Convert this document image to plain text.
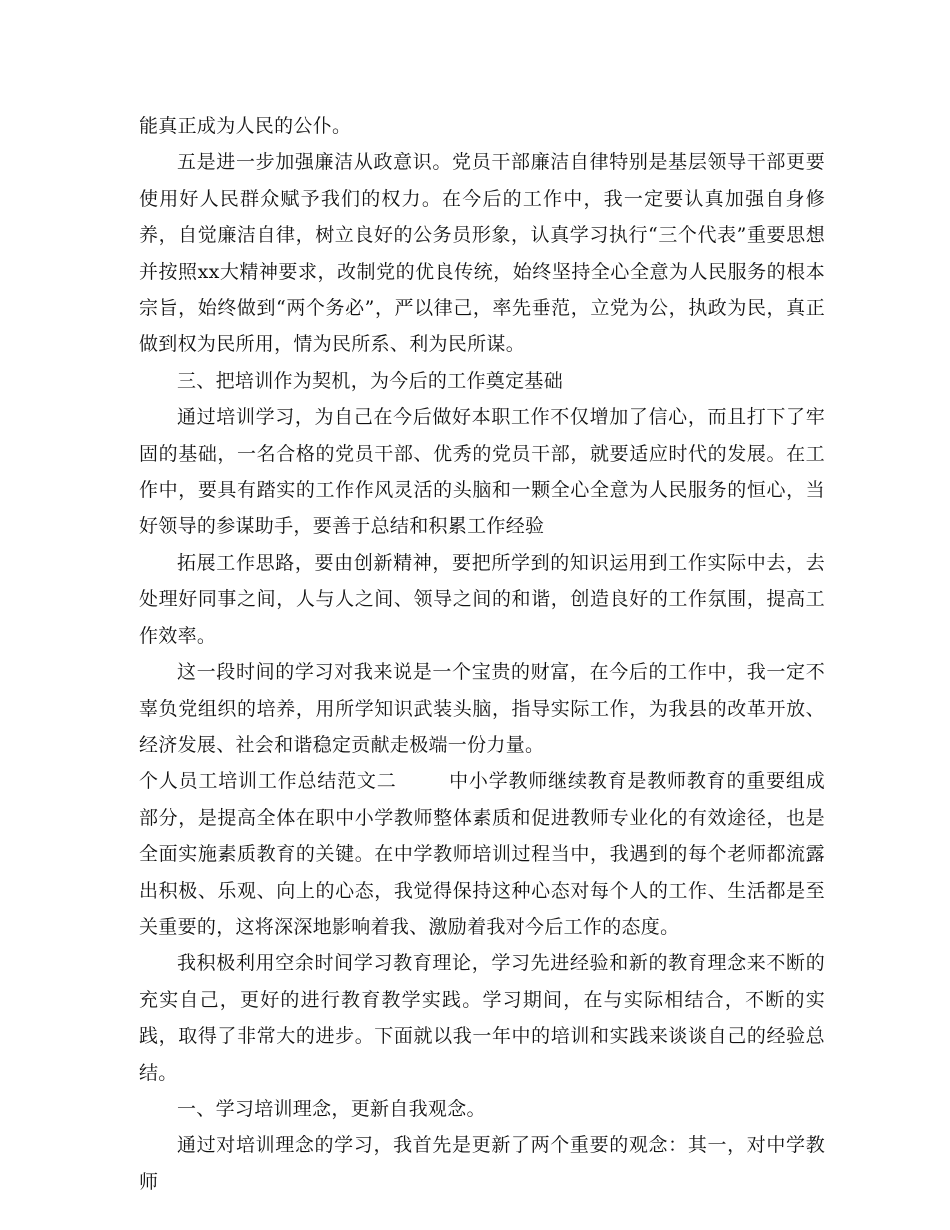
能真正成为人民的公仆。

五是进一步加强廉洁从政意识。党员干部廉洁自律特别是基层领导干部更要使用好人民群众赋予我们的权力。在今后的工作中，我一定要认真加强自身修养，自觉廉洁自律，树立良好的公务员形象，认真学习执行“三个代表”重要思想并按照xx大精神要求，改制党的优良传统，始终坚持全心全意为人民服务的根本宗旨，始终做到“两个务必”，严以律己，率先垂范，立党为公，执政为民，真正做到权为民所用，情为民所系、利为民所谋。

三、把培训作为契机，为今后的工作奠定基础

通过培训学习，为自己在今后做好本职工作不仅增加了信心，而且打下了牢固的基础，一名合格的党员干部、优秀的党员干部，就要适应时代的发展。在工作中，要具有踏实的工作作风灵活的头脑和一颗全心全意为人民服务的恒心，当好领导的参谋助手，要善于总结和积累工作经验

拓展工作思路，要由创新精神，要把所学到的知识运用到工作实际中去，去处理好同事之间，人与人之间、领导之间的和谐，创造良好的工作氛围，提高工作效率。

这一段时间的学习对我来说是一个宝贵的财富，在今后的工作中，我一定不辜负党组织的培养，用所学知识武装头脑，指导实际工作，为我县的改革开放、经济发展、社会和谐稳定贡献走极端一份力量。

个人员工培训工作总结范文二	中小学教师继续教育是教师教育的重要组成部分，是提高全体在职中小学教师整体素质和促进教师专业化的有效途径，也是全面实施素质教育的关键。在中学教师培训过程当中，我遇到的每个老师都流露出积极、乐观、向上的心态，我觉得保持这种心态对每个人的工作、生活都是至关重要的，这将深深地影响着我、激励着我对今后工作的态度。

我积极利用空余时间学习教育理论，学习先进经验和新的教育理念来不断的充实自己，更好的进行教育教学实践。学习期间，在与实际相结合，不断的实践，取得了非常大的进步。下面就以我一年中的培训和实践来谈谈自己的经验总结。

一、学习培训理念，更新自我观念。

通过对培训理念的学习，我首先是更新了两个重要的观念：其一，对中学教师
